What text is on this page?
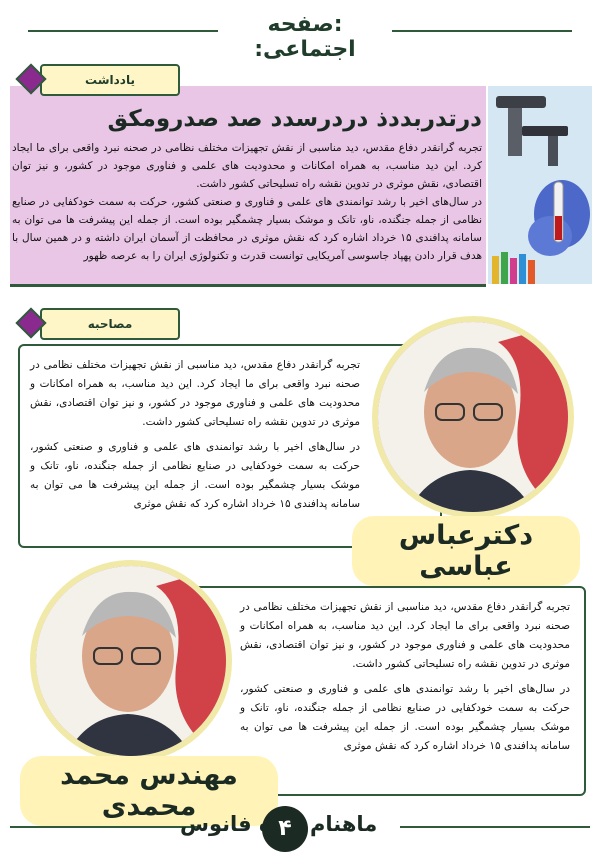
:صفحه اجتماعی:
یادداشت
درتدربددذ دردرسدد صد صدرومکق

تجربه گرانقدر دفاع مقدس، دید مناسبی از نقش تجهیزات مختلف نظامی در صحنه نبرد واقعی برای ما ایجاد کرد. این دید مناسب، به همراه امکانات و محدودیت های علمی و فناوری موجود در کشور، و نیز توان اقتصادی، نقش موثری در تدوین نقشه راه تسلیحاتی کشور داشت.

در سال‌های اخیر با رشد توانمندی های علمی و فناوری و صنعتی کشور، حرکت به سمت خودکفایی در صنایع نظامی از جمله جنگنده، ناو، تانک و موشک بسیار چشمگیر بوده است. از جمله این پیشرفت ها می توان به سامانه پدافندی ۱۵ خرداد اشاره کرد که نقش موثری در محافظت از آسمان ایران داشته و در همین سال با هدف قرار دادن پهپاد جاسوسی آمریکایی توانست قدرت و تکنولوژی ایران را به عرصه ظهور

مصاحبه

تجربه گرانقدر دفاع مقدس، دید مناسبی از نقش تجهیزات مختلف نظامی در صحنه نبرد واقعی برای ما ایجاد کرد. این دید مناسب، به همراه امکانات و محدودیت های علمی و فناوری موجود در کشور، و نیز توان اقتصادی، نقش موثری در تدوین نقشه راه تسلیحاتی کشور داشت.

در سال‌های اخیر با رشد توانمندی های علمی و فناوری و صنعتی کشور، حرکت به سمت خودکفایی در صنایع نظامی از جمله جنگنده، ناو، تانک و موشک بسیار چشمگیر بوده است. از جمله این پیشرفت ها می توان به سامانه پدافندی ۱۵ خرداد اشاره کرد که نقش موثری

دکترعباس عباسی

تجربه گرانقدر دفاع مقدس، دید مناسبی از نقش تجهیزات مختلف نظامی در صحنه نبرد واقعی برای ما ایجاد کرد. این دید مناسب، به همراه امکانات و محدودیت های علمی و فناوری موجود در کشور، و نیز توان اقتصادی، نقش موثری در تدوین نقشه راه تسلیحاتی کشور داشت.

در سال‌های اخیر با رشد توانمندی های علمی و فناوری و صنعتی کشور، حرکت به سمت خودکفایی در صنایع نظامی از جمله جنگنده، ناو، تانک و موشک بسیار چشمگیر بوده است. از جمله این پیشرفت ها می توان به سامانه پدافندی ۱۵ خرداد اشاره کرد که نقش موثری

مهندس محمد محمدی
ماهنام
۴
ه فانوس
